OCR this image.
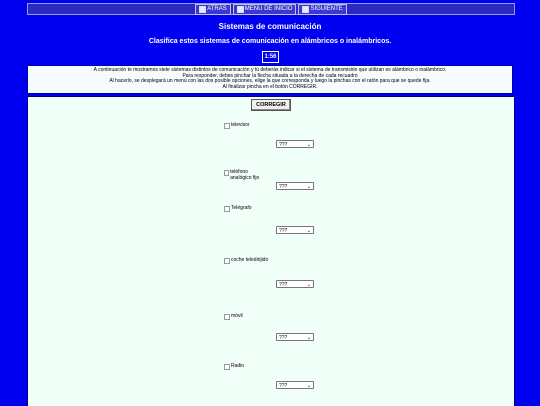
ATRÁS	MENÚ DE INICIO	SIGUIENTE
Sistemas de comunicación
Clasifica estos sistemas de comunicación en alámbricos o inalámbricos.
1:56
A continuación te mostramos siete sistemas distintos de comunicación y tú deberás indicar si el sistema de transmisión que utilizan es alámbrico o inalámbrico.
Para responder, debes pinchar la flecha situada a la derecha de cada recuadro
Al hacerlo, se desplegará un menú con las dos posible opciones, elige la que corresponda y luego la pinchas con el ratón para que se quede fija.
Al finalizar pincha en el botón CORREGIR.
CORREGIR
televisor
???	⌄
teléfono analógico fijo
???	⌄
Telégrafo
???	⌄
coche teledirijido
???	⌄
móvil
???	⌄
Radio
???	⌄
